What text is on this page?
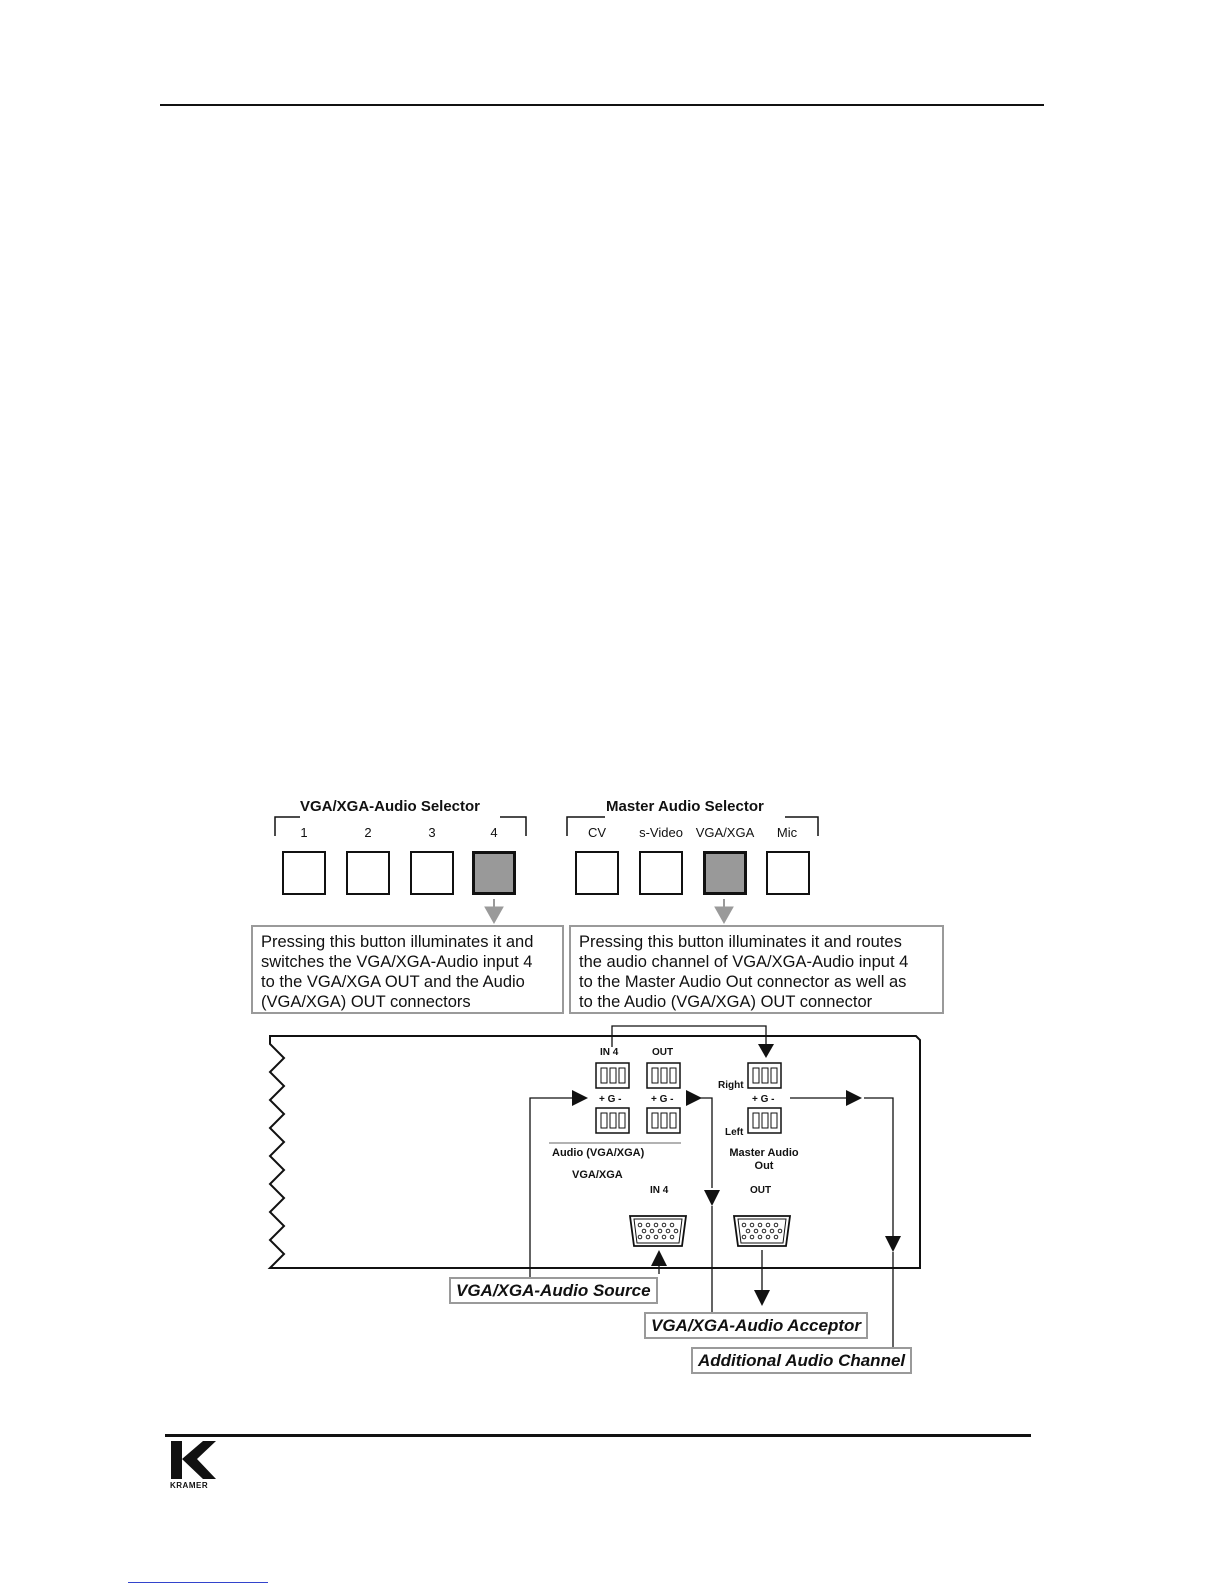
VGA/XGA-Audio Selector
1	2	3	4
Master Audio Selector
CV	s-Video VGA/XGA	Mic
Pressing this button illuminates it and
switches the VGA/XGA-Audio input 4
to the VGA/XGA OUT and the Audio
(VGA/XGA) OUT connectors
Pressing this button illuminates it and routes
the audio channel of VGA/XGA-Audio input 4
to the Master Audio Out connector as well as
to the Audio (VGA/XGA) OUT connector
IN 4	OUT
+ G -	+ G -	+ G -
Right
Left
Audio (VGA/XGA)
VGA/XGA
Master Audio
Out
IN 4	OUT
VGA/XGA-Audio Source
VGA/XGA-Audio Acceptor
Additional Audio Channel
KRAMER
